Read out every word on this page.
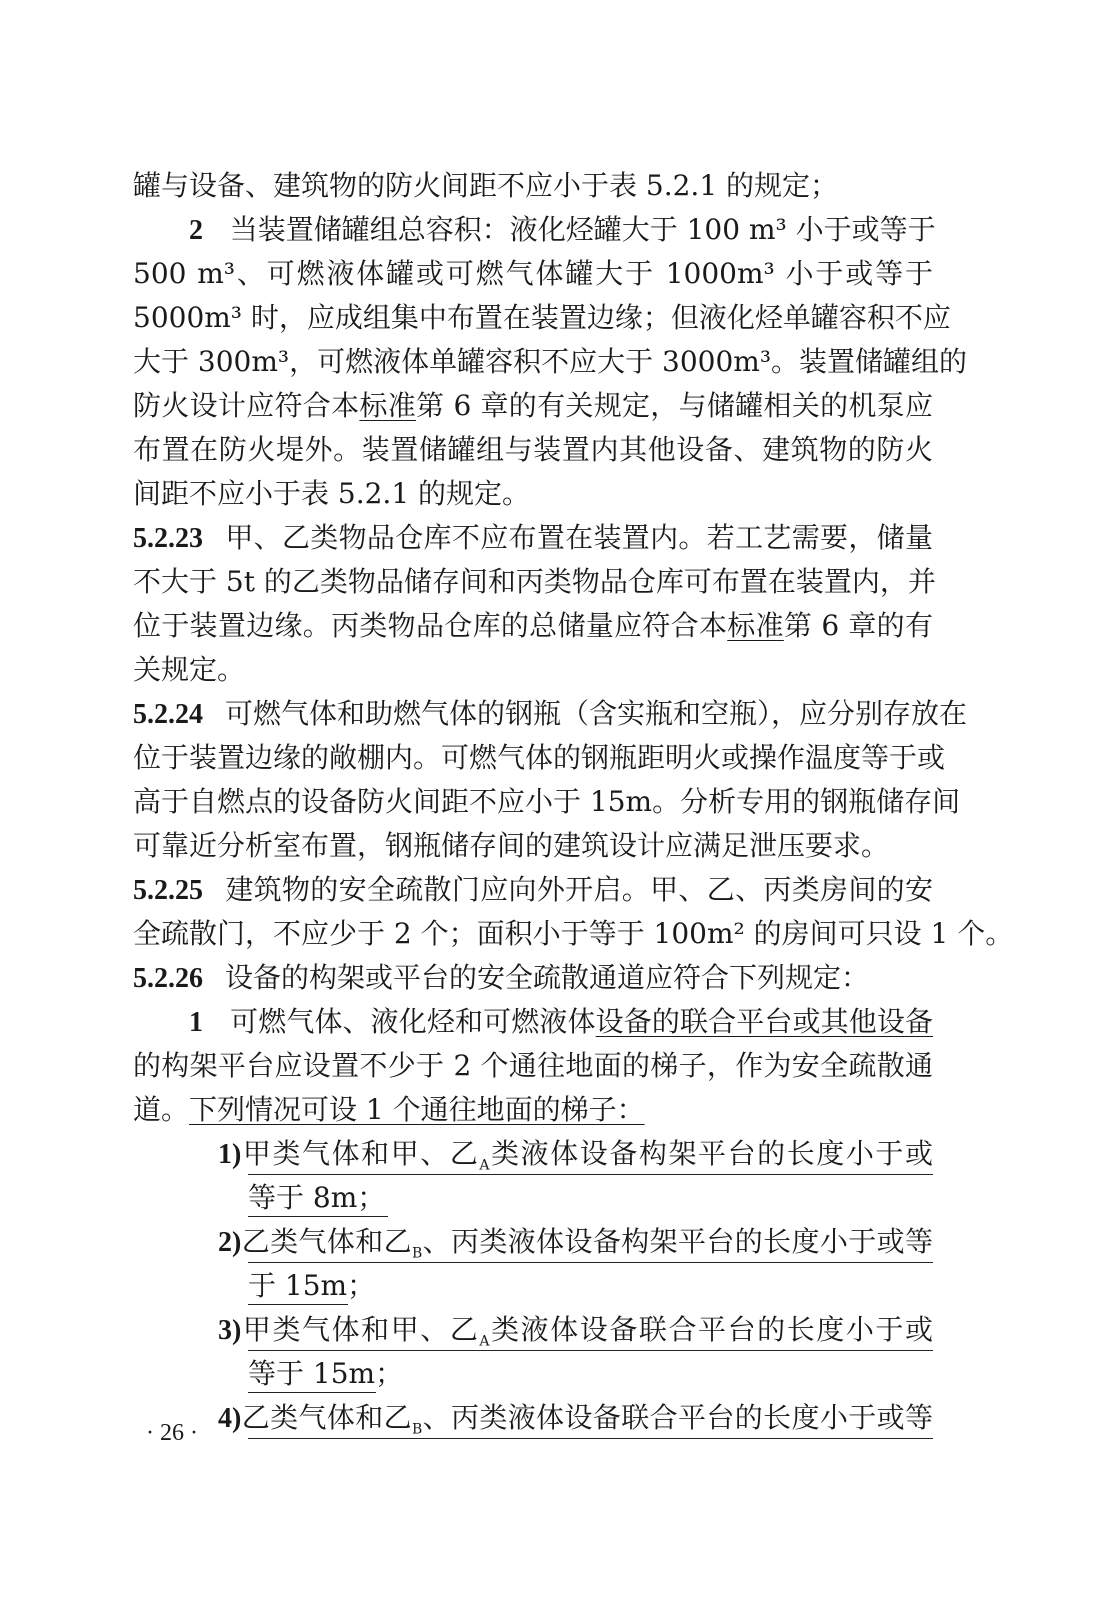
罐与设备、建筑物的防火间距不应小于表 5.2.1 的规定；
2 当装置储罐组总容积：液化烃罐大于 100 m³ 小于或等于
500 m³、可燃液体罐或可燃气体罐大于 1000m³ 小于或等于
5000m³ 时，应成组集中布置在装置边缘；但液化烃单罐容积不应
大于 300m³，可燃液体单罐容积不应大于 3000m³。装置储罐组的
防火设计应符合本标准第 6 章的有关规定，与储罐相关的机泵应
布置在防火堤外。装置储罐组与装置内其他设备、建筑物的防火
间距不应小于表 5.2.1 的规定。
5.2.23 甲、乙类物品仓库不应布置在装置内。若工艺需要，储量
不大于 5t 的乙类物品储存间和丙类物品仓库可布置在装置内，并
位于装置边缘。丙类物品仓库的总储量应符合本标准第 6 章的有
关规定。
5.2.24 可燃气体和助燃气体的钢瓶（含实瓶和空瓶），应分别存放在
位于装置边缘的敞棚内。可燃气体的钢瓶距明火或操作温度等于或
高于自燃点的设备防火间距不应小于 15m。分析专用的钢瓶储存间
可靠近分析室布置，钢瓶储存间的建筑设计应满足泄压要求。
5.2.25 建筑物的安全疏散门应向外开启。甲、乙、丙类房间的安
全疏散门，不应少于 2 个；面积小于等于 100m² 的房间可只设 1 个。
5.2.26 设备的构架或平台的安全疏散通道应符合下列规定：
1 可燃气体、液化烃和可燃液体设备的联合平台或其他设备
的构架平台应设置不少于 2 个通往地面的梯子，作为安全疏散通
道。下列情况可设 1 个通往地面的梯子：
1)甲类气体和甲、乙$_A$类液体设备构架平台的长度小于或
等于 8m；
2)乙类气体和乙$_B$、丙类液体设备构架平台的长度小于或等
于 15m；
3)甲类气体和甲、乙$_A$类液体设备联合平台的长度小于或
等于 15m；
4)乙类气体和乙$_B$、丙类液体设备联合平台的长度小于或等
· 26 ·
